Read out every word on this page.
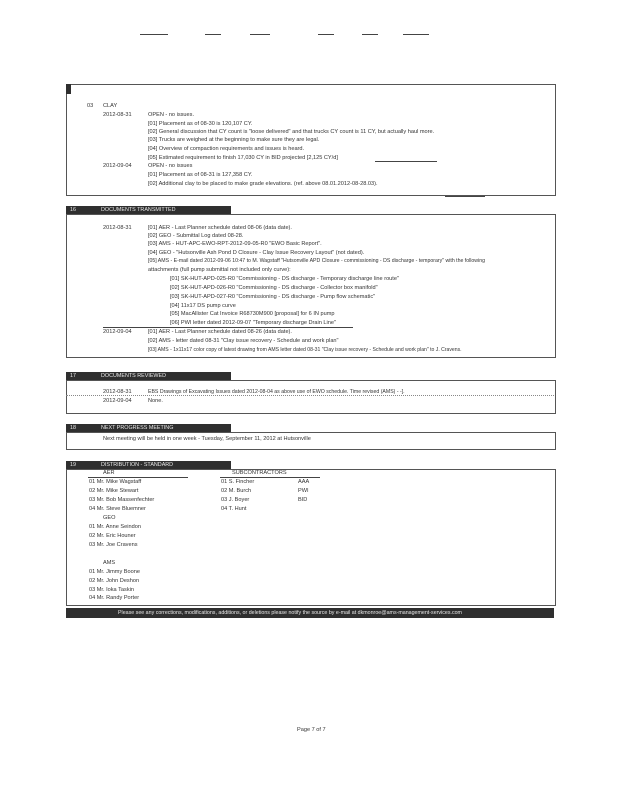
03 CLAY
2012-08-31	OPEN - no issues.
[01] Placement as of 08-30 is 120,107 CY.
[02] General discussion that CY count is "loose delivered" and that trucks CY count is 11 CY, but actually haul more.
[03] Trucks are weighed at the beginning to make sure they are legal.
[04] Overview of compaction requirements and issues is heard.
[05] Estimated requirement to finish 17,030 CY in BID projected [2,125 CY/d]
2012-09-04	OPEN - no issues
[01] Placement as of 08-31 is 127,358 CY.
[02] Additional clay to be placed to make grade elevations. (ref. above 08.01.2012-08-28.03).
16	DOCUMENTS TRANSMITTED
2012-08-31	[01] AER - Last Planner schedule dated 08-06 (data date).
[02] GEO - Submittal Log dated 08-28.
[03] AMS - HUT-APC-EWO-RPT-2012-09-05-R0 "EWO Basic Report".
[04] GEO - "Hutsonville Ash Pond D Closure - Clay Issue Recovery Layout" (not dated).
[05] AMS - E-mail dated 2012-09-06 10:47 to M. Wagstaff "Hutsonville APD Closure - commissioning - DS discharge - temporary" with the following
attachments (full pump submittal not included only curve):
[01] SK-HUT-APD-025-R0 "Commissioning - DS discharge - Temporary discharge line route"
[02] SK-HUT-APD-026-R0 "Commissioning - DS discharge - Collector box manifold"
[03] SK-HUT-APD-027-R0 "Commissioning - DS discharge - Pump flow schematic"
[04] 11x17 DS pump curve
[05] MacAllister Cat Invoice R68730M900 [proposal] for 6 IN pump
[06] PWI letter dated 2012-09-07 "Temporary discharge Drain Line"
2012-09-04	[01] AER - Last Planner schedule dated 08-26 (data date).
[02] AMS - letter dated 08-31 "Clay issue recovery - Schedule and work plan"
[03] AMS - 1x11x17 color copy of latest drawing from AMS letter dated 08-31 "Clay issue recovery - Schedule and work plan" to J. Cravens.
17	DOCUMENTS REVIEWED
2012-08-31	EBS Drawings of Excavating Issues dated 2012-08-04 as above use of EWO schedule. Time revised (AMS) - -].
2012-09-04	None.
18	NEXT PROGRESS MEETING
Next meeting will be held in one week - Tuesday, September 11, 2012 at Hutsonville
19	DISTRIBUTION - STANDARD
AER
01 Mr. Mike Wagstaff
02 Mr. Mike Stewart
03 Mr. Bob Massenfechter
04 Mr. Steve Bluemner
GEO
01 Mr. Anne Seindon
02 Mr. Eric Houner
03 Mr. Joe Cravens
AMS
01 Mr. Jimmy Boone
02 Mr. John Deshon
03 Mr. Ioka Taskin
04 Mr. Randy Porter
SUBCONTRACTORS
01 S. Fincher	AAA
02 M. Burch	PWI
03 J. Boyer	BID
04 T. Hunt
Please see any corrections, modifications, additions, or deletions please notify the source by e-mail at dkmonroe@ams-management-services.com
Page 7 of 7
